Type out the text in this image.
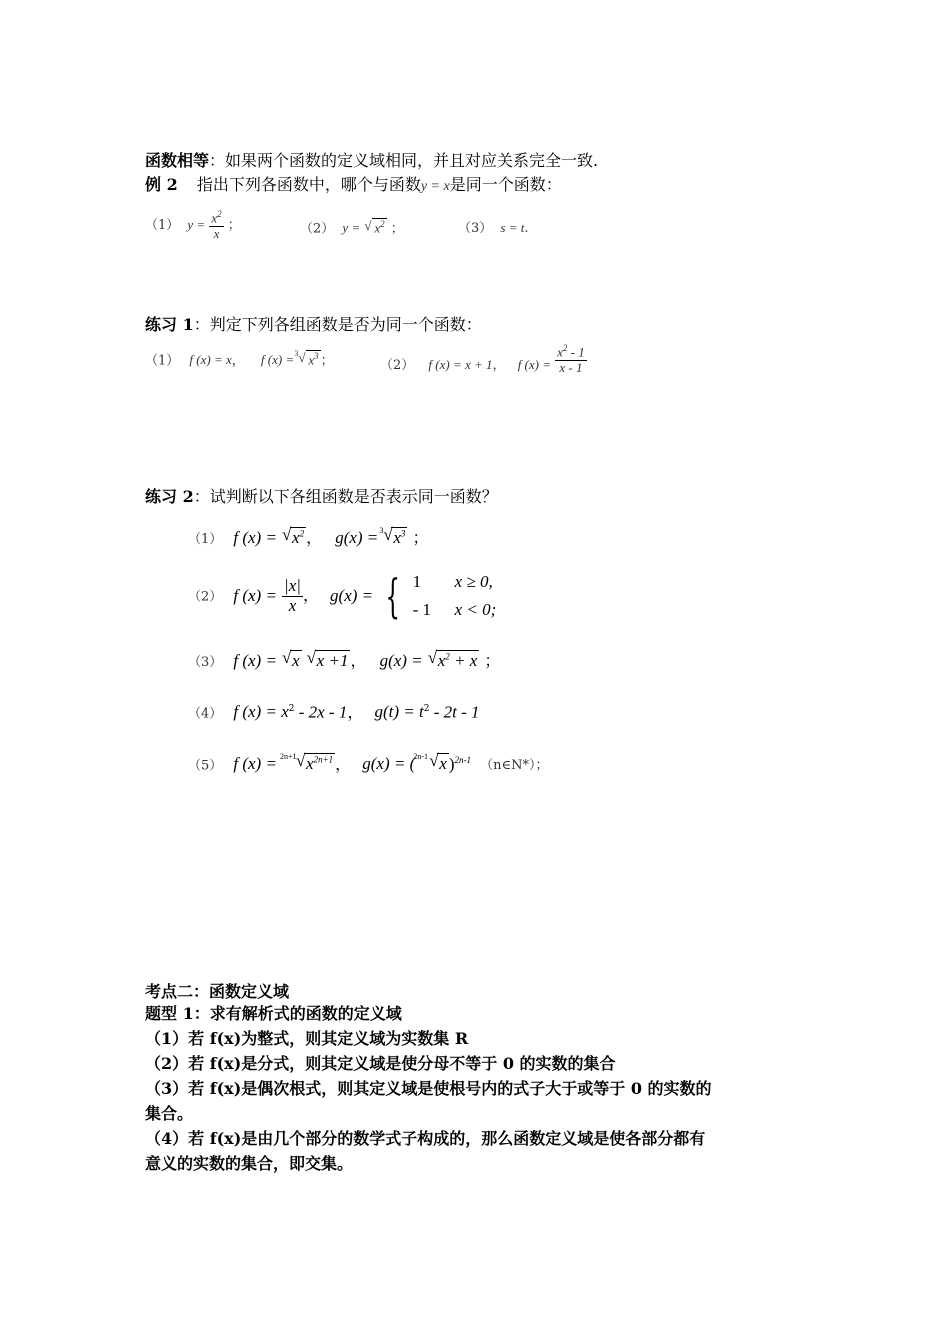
函数相等：如果两个函数的定义域相同，并且对应关系完全一致.
例 2 指出下列各函数中，哪个与函数y = x是同一个函数：
（1） $y = \frac{x^2}{x}$ ；	（2） y = √ $x^2$ ；	（3） s = t.
练习 1：判定下列各组函数是否为同一个函数：
（1） f (x) = x， f (x) = 3 √ $x^3$ ；	（2） f (x) = x + 1， f $(x) = \frac{x^2 - 1}{x - 1}$
练习 2：试判断以下各组函数是否表示同一函数？
（1） f (x) = √ $x^2$ ， g(x) = 3 √ $x^3$ ；
（2） f $(x) = \frac{|x|}{x}$ ， g(x) = { 1 x ≥ 0,
- 1 x < 0;
（3） f (x) = √ x √ x +1 ， g(x) = √ $x^2 + x$ ；
（4） f $(x) = x^2 - 2x - 1$， $g(t) = t^2 - 2t - 1$
（5） f (x) = 2n+1 √ $x^{2n+1}$ ， g(x) = (
2n-1 √ x )$^{2n-1}$ （n∈N*）；
考点二：函数定义域
题型 1：求有解析式的函数的定义域
（1）若 f(x)为整式，则其定义域为实数集 R
（2）若 f(x)是分式，则其定义域是使分母不等于 0 的实数的集合
（3）若 f(x)是偶次根式，则其定义域是使根号内的式子大于或等于 0 的实数的
集合。
（4）若 f(x)是由几个部分的数学式子构成的，那么函数定义域是使各部分都有
意义的实数的集合，即交集。
